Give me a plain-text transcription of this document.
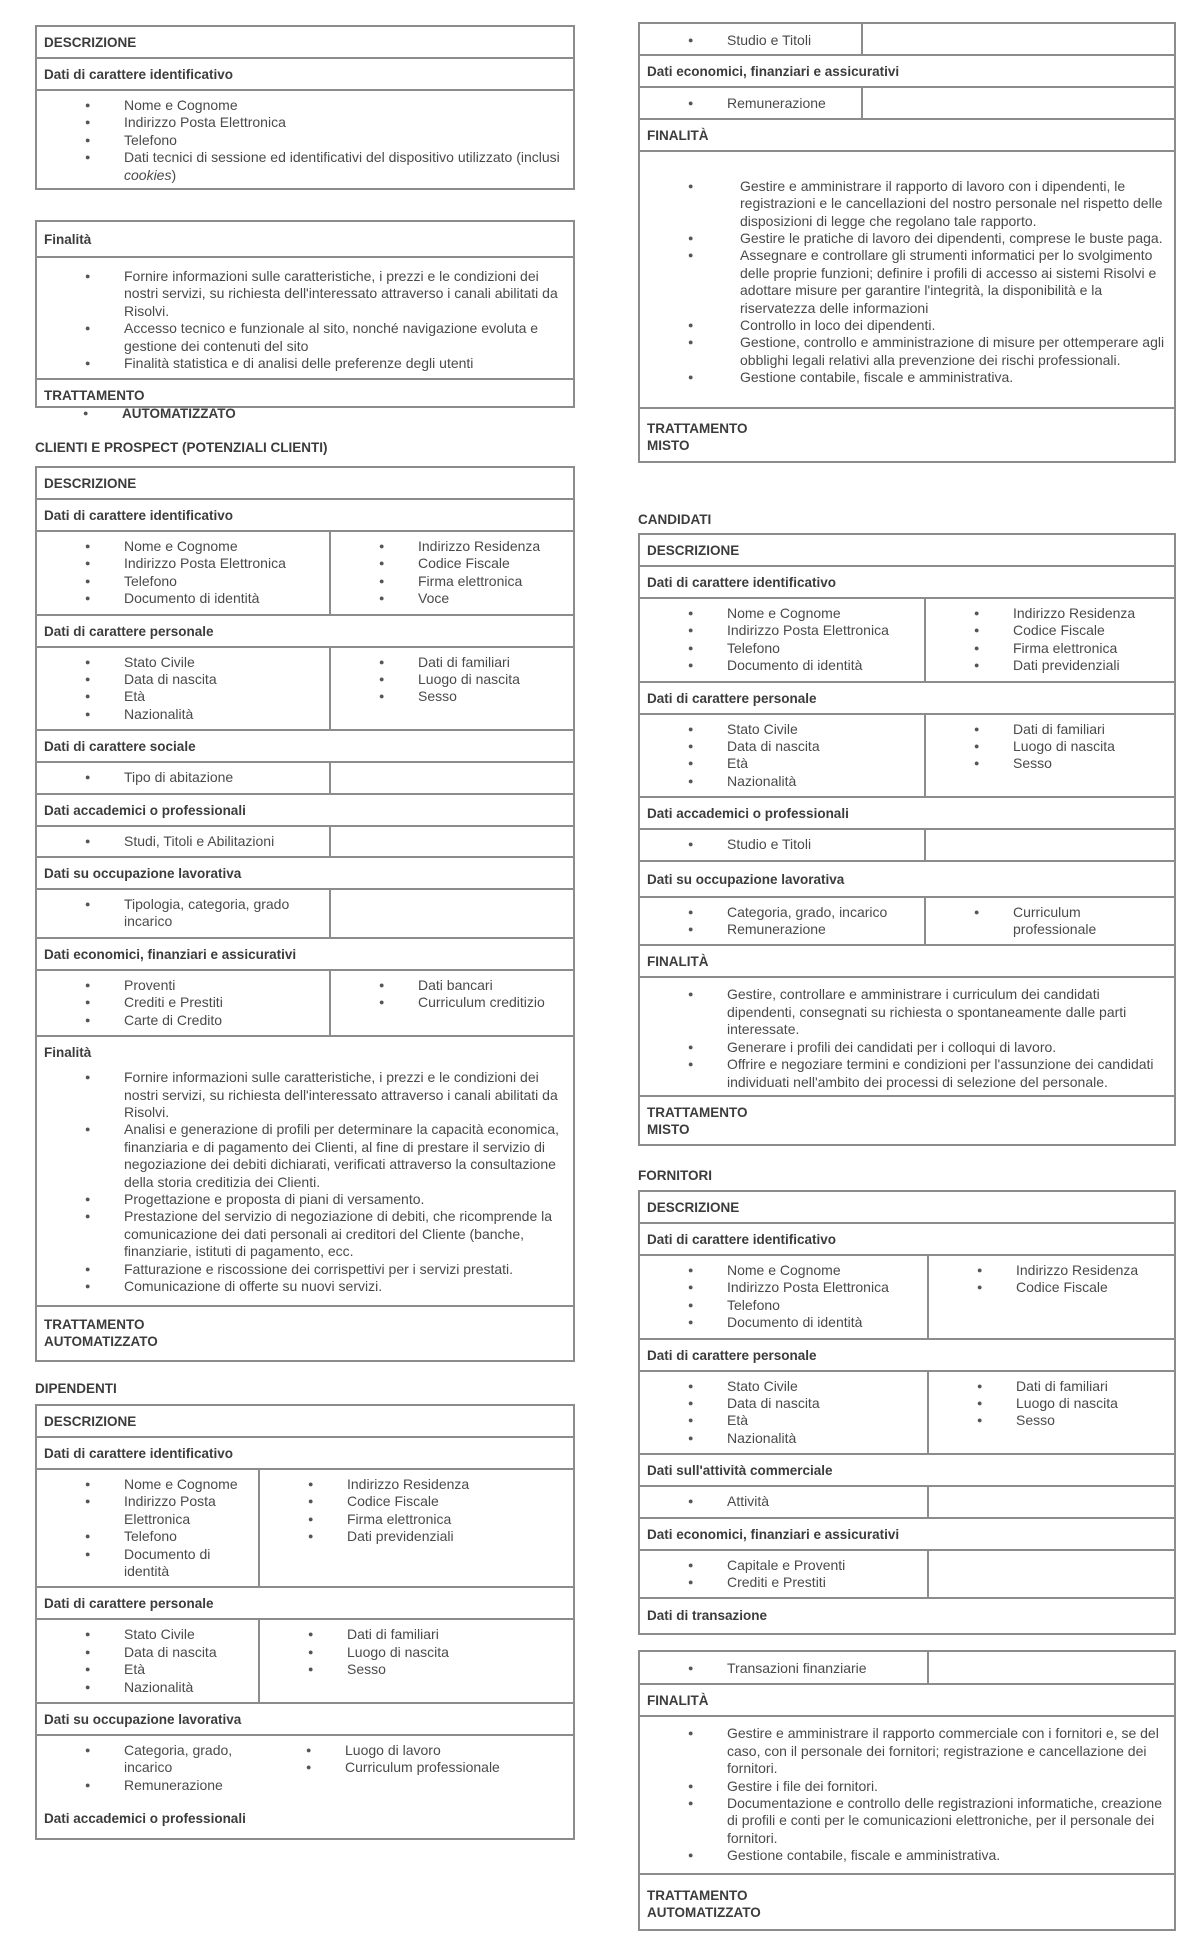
DESCRIZIONE
Dati di carattere identificativo
● Nome e Cognome
● Indirizzo Posta Elettronica
● Telefono
● Dati tecnici di sessione ed identificativi del dispositivo utilizzato (inclusi cookies)
Finalità
● Fornire informazioni sulle caratteristiche, i prezzi e le condizioni dei nostri servizi, su richiesta dell'interessato attraverso i canali abilitati da Risolvi.
● Accesso tecnico e funzionale al sito, nonché navigazione evoluta e gestione dei contenuti del sito
● Finalità statistica e di analisi delle preferenze degli utenti
TRATTAMENTO
● AUTOMATIZZATO
CLIENTI E PROSPECT (POTENZIALI CLIENTI)
DESCRIZIONE
Dati di carattere identificativo
● Nome e Cognome
● Indirizzo Posta Elettronica
● Telefono
● Documento di identità
● Indirizzo Residenza
● Codice Fiscale
● Firma elettronica
● Voce
Dati di carattere personale
● Stato Civile
● Data di nascita
● Età
● Nazionalità
● Dati di familiari
● Luogo di nascita
● Sesso
Dati di carattere sociale
● Tipo di abitazione
Dati accademici o professionali
● Studi, Titoli e Abilitazioni
Dati su occupazione lavorativa
● Tipologia, categoria, grado incarico
Dati economici, finanziari e assicurativi
● Proventi
● Crediti e Prestiti
● Carte di Credito
● Dati bancari
● Curriculum creditizio
Finalità
● Fornire informazioni sulle caratteristiche, i prezzi e le condizioni dei nostri servizi, su richiesta dell'interessato attraverso i canali abilitati da Risolvi.
● Analisi e generazione di profili per determinare la capacità economica, finanziaria e di pagamento dei Clienti, al fine di prestare il servizio di negoziazione dei debiti dichiarati, verificati attraverso la consultazione della storia creditizia dei Clienti.
● Progettazione e proposta di piani di versamento.
● Prestazione del servizio di negoziazione di debiti, che ricomprende la comunicazione dei dati personali ai creditori del Cliente (banche, finanziarie, istituti di pagamento, ecc.
● Fatturazione e riscossione dei corrispettivi per i servizi prestati.
● Comunicazione di offerte su nuovi servizi.
TRATTAMENTO
AUTOMATIZZATO
DIPENDENTI
DESCRIZIONE
Dati di carattere identificativo
● Nome e Cognome
● Indirizzo Posta Elettronica
● Telefono
● Documento di identità
● Indirizzo Residenza
● Codice Fiscale
● Firma elettronica
● Dati previdenziali
Dati di carattere personale
● Stato Civile
● Data di nascita
● Età
● Nazionalità
● Dati di familiari
● Luogo di nascita
● Sesso
Dati su occupazione lavorativa
● Categoria, grado, incarico
● Remunerazione
● Luogo di lavoro
● Curriculum professionale
Dati accademici o professionali
● Studio e Titoli
Dati economici, finanziari e assicurativi
● Remunerazione
FINALITÀ
● Gestire e amministrare il rapporto di lavoro con i dipendenti, le registrazioni e le cancellazioni del nostro personale nel rispetto delle disposizioni di legge che regolano tale rapporto.
● Gestire le pratiche di lavoro dei dipendenti, comprese le buste paga.
● Assegnare e controllare gli strumenti informatici per lo svolgimento delle proprie funzioni; definire i profili di accesso ai sistemi Risolvi e adottare misure per garantire l'integrità, la disponibilità e la riservatezza delle informazioni
● Controllo in loco dei dipendenti.
● Gestione, controllo e amministrazione di misure per ottemperare agli obblighi legali relativi alla prevenzione dei rischi professionali.
● Gestione contabile, fiscale e amministrativa.
TRATTAMENTO
MISTO
CANDIDATI
DESCRIZIONE
Dati di carattere identificativo
● Nome e Cognome
● Indirizzo Posta Elettronica
● Telefono
● Documento di identità
● Indirizzo Residenza
● Codice Fiscale
● Firma elettronica
● Dati previdenziali
Dati di carattere personale
● Stato Civile
● Data di nascita
● Età
● Nazionalità
● Dati di familiari
● Luogo di nascita
● Sesso
Dati accademici o professionali
● Studio e Titoli
Dati su occupazione lavorativa
● Categoria, grado, incarico
● Remunerazione
● Curriculum professionale
FINALITÀ
● Gestire, controllare e amministrare i curriculum dei candidati dipendenti, consegnati su richiesta o spontaneamente dalle parti interessate.
● Generare i profili dei candidati per i colloqui di lavoro.
● Offrire e negoziare termini e condizioni per l'assunzione dei candidati individuati nell'ambito dei processi di selezione del personale.
TRATTAMENTO
MISTO
FORNITORI
DESCRIZIONE
Dati di carattere identificativo
● Nome e Cognome
● Indirizzo Posta Elettronica
● Telefono
● Documento di identità
● Indirizzo Residenza
● Codice Fiscale
Dati di carattere personale
● Stato Civile
● Data di nascita
● Età
● Nazionalità
● Dati di familiari
● Luogo di nascita
● Sesso
Dati sull'attività commerciale
● Attività
Dati economici, finanziari e assicurativi
● Capitale e Proventi
● Crediti e Prestiti
Dati di transazione
● Transazioni finanziarie
FINALITÀ
● Gestire e amministrare il rapporto commerciale con i fornitori e, se del caso, con il personale dei fornitori; registrazione e cancellazione dei fornitori.
● Gestire i file dei fornitori.
● Documentazione e controllo delle registrazioni informatiche, creazione di profili e conti per le comunicazioni elettroniche, per il personale dei fornitori.
● Gestione contabile, fiscale e amministrativa.
TRATTAMENTO
AUTOMATIZZATO
